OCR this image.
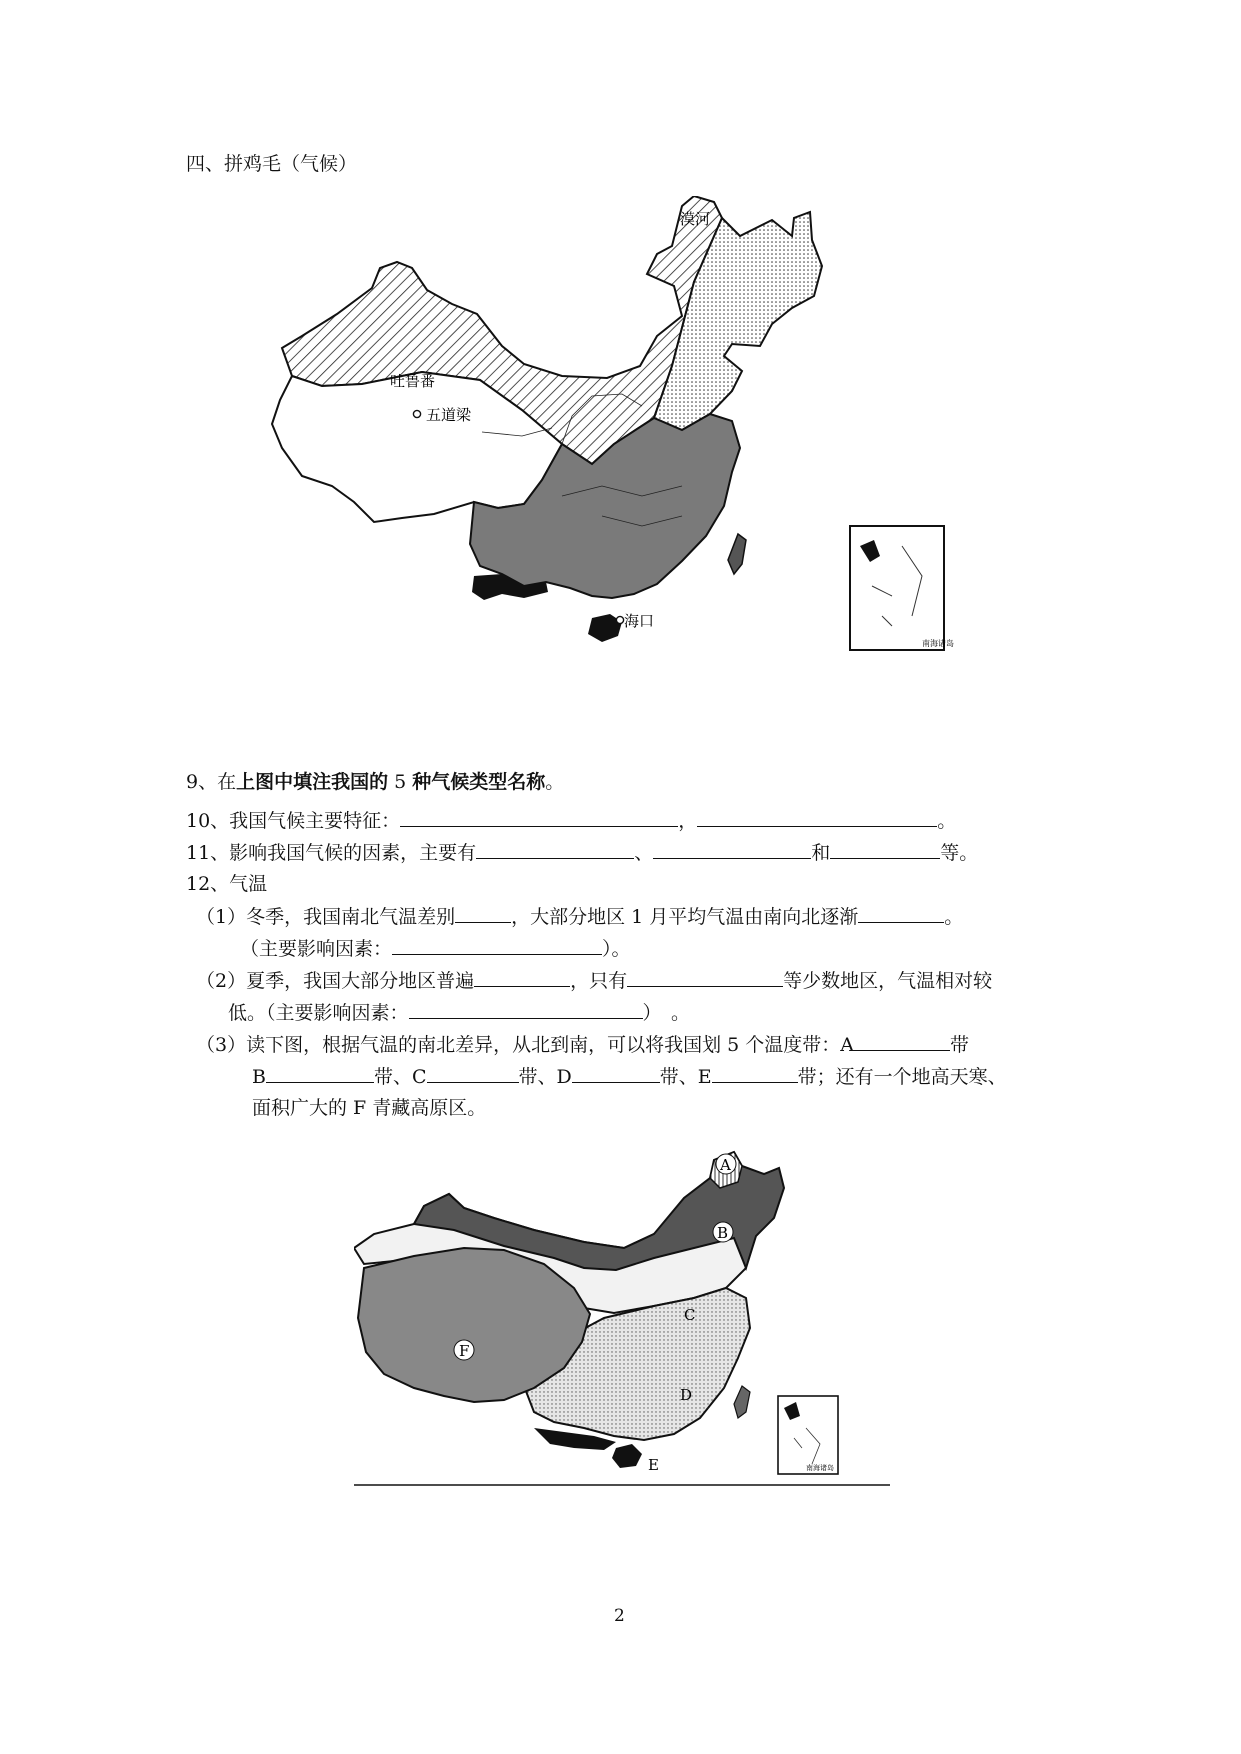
四、拼鸡毛（气候）
漠河
吐鲁番
五道梁
海口
南海诸岛
9、在上图中填注我国的 5 种气候类型名称。
10、我国气候主要特征：	，	。
11、影响我国气候的因素，主要有	、	和	等。
12、气温
（1）冬季，我国南北气温差别	，大部分地区 1 月平均气温由南向北逐渐	。
（主要影响因素：	）。
（2）夏季，我国大部分地区普遍	，只有	等少数地区，气温相对较
低。（主要影响因素：	）　。
（3）读下图，根据气温的南北差异，从北到南，可以将我国划 5 个温度带：A	带
B	带、C	带、D	带、E	带；还有一个地高天寒、
面积广大的 F 青藏高原区。
南海诸岛
A
B
C
D
E
F
2
